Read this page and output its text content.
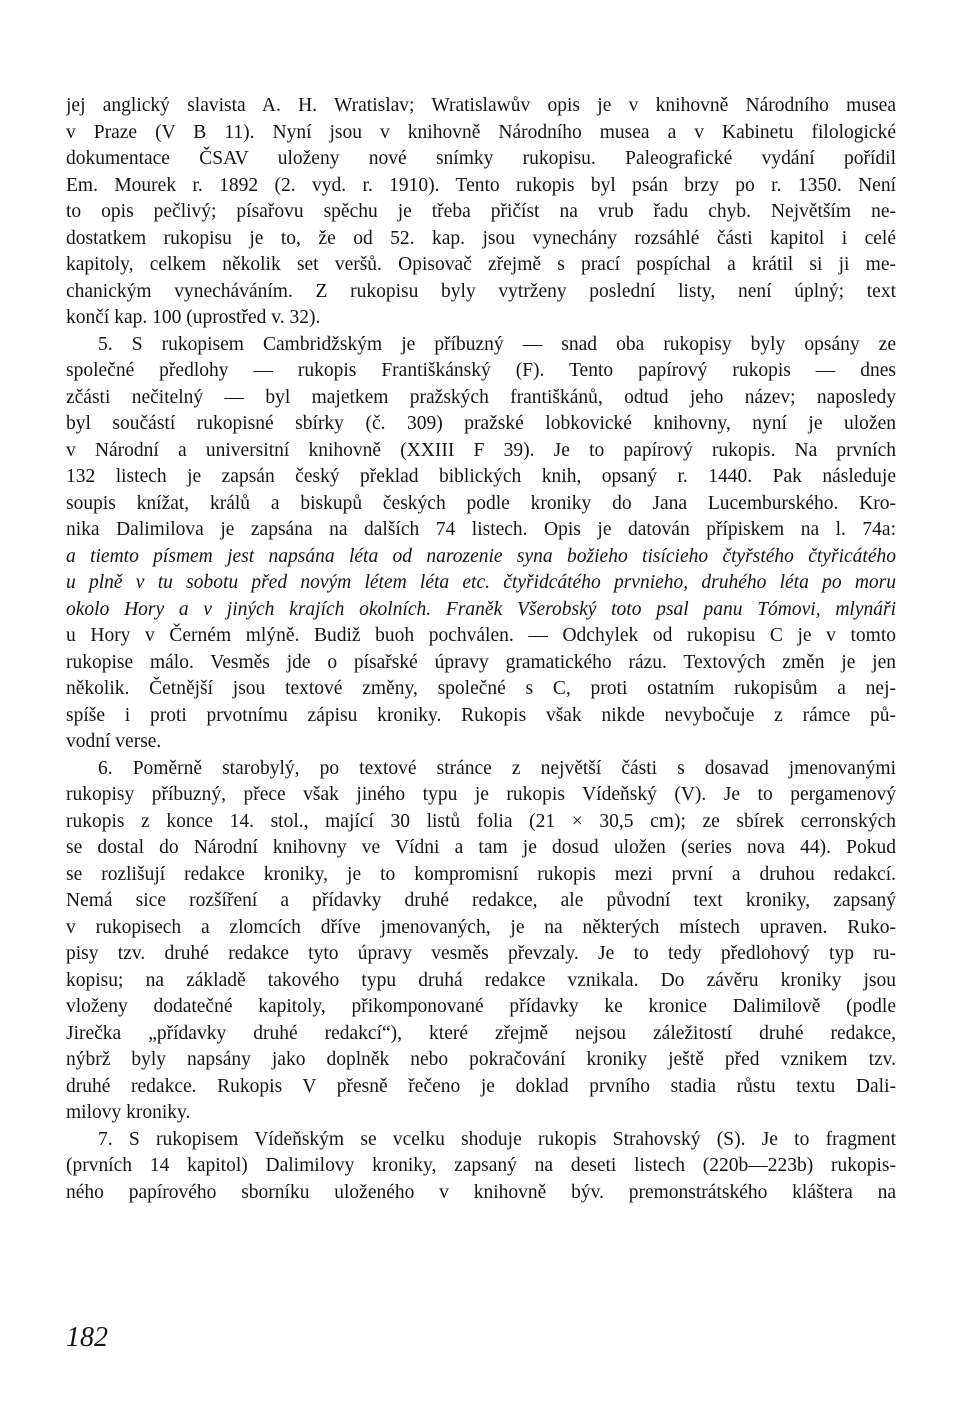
jej anglický slavista A. H. Wratislav; Wratislawův opis je v knihovně Národního musea
v Praze (V B 11). Nyní jsou v knihovně Národního musea a v Kabinetu filologické
dokumentace ČSAV uloženy nové snímky rukopisu. Paleografické vydání pořídil
Em. Mourek r. 1892 (2. vyd. r. 1910). Tento rukopis byl psán brzy po r. 1350. Není
to opis pečlivý; písařovu spěchu je třeba přičíst na vrub řadu chyb. Největším ne-
dostatkem rukopisu je to, že od 52. kap. jsou vynechány rozsáhlé části kapitol i celé
kapitoly, celkem několik set veršů. Opisovač zřejmě s prací pospíchal a krátil si ji me-
chanickým vynecháváním. Z rukopisu byly vytrženy poslední listy, není úplný; text
končí kap. 100 (uprostřed v. 32).
5. S rukopisem Cambridžským je příbuzný — snad oba rukopisy byly opsány ze
společné předlohy — rukopis Františkánský (F). Tento papírový rukopis — dnes
zčásti nečitelný — byl majetkem pražských františkánů, odtud jeho název; naposledy
byl součástí rukopisné sbírky (č. 309) pražské lobkovické knihovny, nyní je uložen
v Národní a universitní knihovně (XXIII F 39). Je to papírový rukopis. Na prvních
132 listech je zapsán český překlad biblických knih, opsaný r. 1440. Pak následuje
soupis knížat, králů a biskupů českých podle kroniky do Jana Lucemburského. Kro-
nika Dalimilova je zapsána na dalších 74 listech. Opis je datován přípiskem na l. 74a:
a tiemto písmem jest napsána léta od narozenie syna božieho tisícieho čtyřstého čtyřicátého
u plně v tu sobotu před novým létem léta etc. čtyřidcátého prvnieho, druhého léta po moru
okolo Hory a v jiných krajích okolních. Franěk Všerobský toto psal panu Tómovi, mlynáři
u Hory v Černém mlýně. Budiž buoh pochválen. — Odchylek od rukopisu C je v tomto
rukopise málo. Vesměs jde o písařské úpravy gramatického rázu. Textových změn je jen
několik. Četnější jsou textové změny, společné s C, proti ostatním rukopisům a nej-
spíše i proti prvotnímu zápisu kroniky. Rukopis však nikde nevybočuje z rámce pů-
vodní verse.
6. Poměrně starobylý, po textové stránce z největší části s dosavad jmenovanými
rukopisy příbuzný, přece však jiného typu je rukopis Vídeňský (V). Je to pergamenový
rukopis z konce 14. stol., mající 30 listů folia (21 × 30,5 cm); ze sbírek cerronských
se dostal do Národní knihovny ve Vídni a tam je dosud uložen (series nova 44). Pokud
se rozlišují redakce kroniky, je to kompromisní rukopis mezi první a druhou redakcí.
Nemá sice rozšíření a přídavky druhé redakce, ale původní text kroniky, zapsaný
v rukopisech a zlomcích dříve jmenovaných, je na některých místech upraven. Ruko-
pisy tzv. druhé redakce tyto úpravy vesměs převzaly. Je to tedy předlohový typ ru-
kopisu; na základě takového typu druhá redakce vznikala. Do závěru kroniky jsou
vloženy dodatečné kapitoly, přikomponované přídavky ke kronice Dalimilově (podle
Jirečka „přídavky druhé redakcí“), které zřejmě nejsou záležitostí druhé redakce,
nýbrž byly napsány jako doplněk nebo pokračování kroniky ještě před vznikem tzv.
druhé redakce. Rukopis V přesně řečeno je doklad prvního stadia růstu textu Dali-
milovy kroniky.
7. S rukopisem Vídeňským se vcelku shoduje rukopis Strahovský (S). Je to fragment
(prvních 14 kapitol) Dalimilovy kroniky, zapsaný na deseti listech (220b—223b) rukopis-
ného papírového sborníku uloženého v knihovně býv. premonstrátského kláštera na
182
